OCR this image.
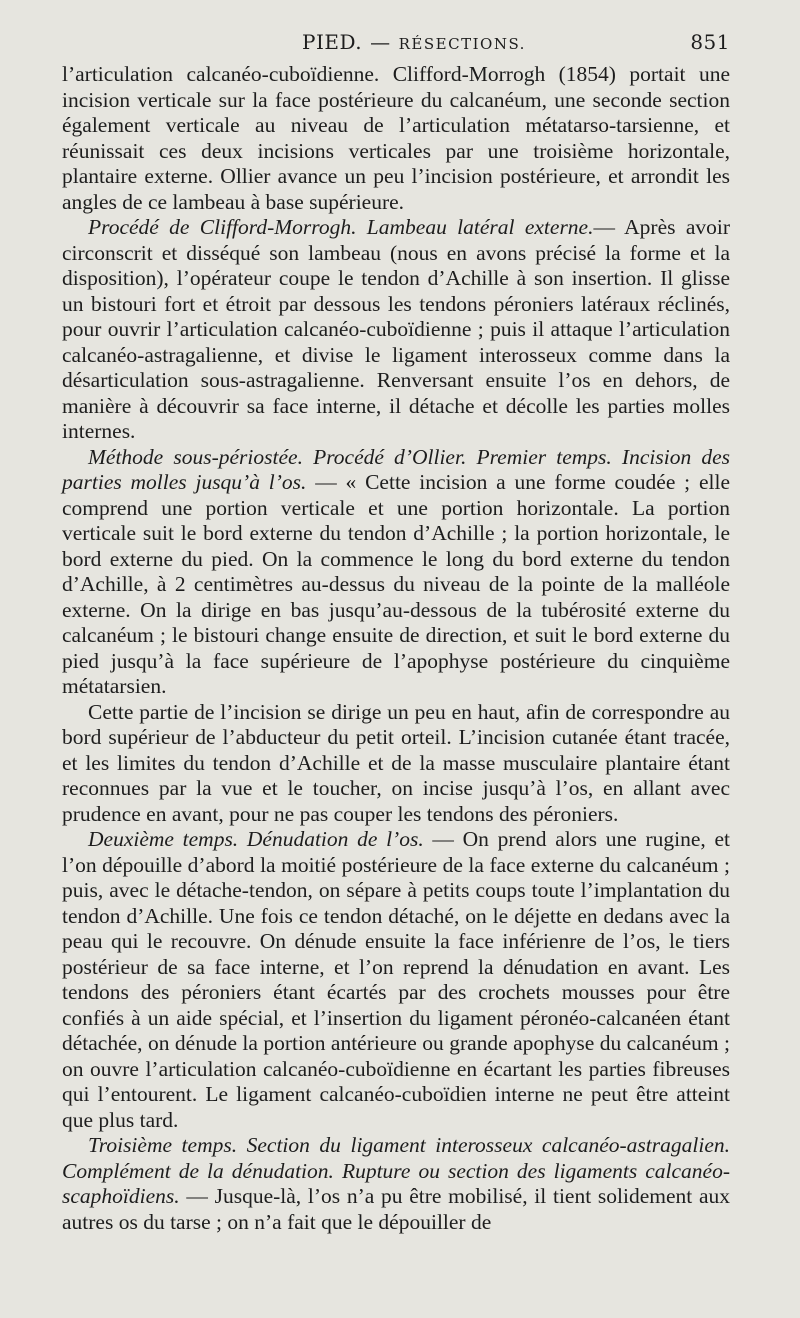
PIED. — RÉSECTIONS.	851

l’articulation calcanéo-cuboïdienne. Clifford-Morrogh (1854) portait une incision verticale sur la face postérieure du calcanéum, une seconde section également verticale au niveau de l’articulation métatarso-tarsienne, et réunissait ces deux incisions verticales par une troisième horizontale, plantaire externe. Ollier avance un peu l’incision postérieure, et arrondit les angles de ce lambeau à base supérieure.

Procédé de Clifford-Morrogh. Lambeau latéral externe.— Après avoir circonscrit et disséqué son lambeau (nous en avons précisé la forme et la disposition), l’opérateur coupe le tendon d’Achille à son insertion. Il glisse un bistouri fort et étroit par dessous les tendons péroniers latéraux réclinés, pour ouvrir l’articulation calcanéo-cuboïdienne ; puis il attaque l’articulation calcanéo-astragalienne, et divise le ligament interosseux comme dans la désarticulation sous-astragalienne. Renversant ensuite l’os en dehors, de manière à découvrir sa face interne, il détache et décolle les parties molles internes.

Méthode sous-périostée. Procédé d’Ollier. Premier temps. Incision des parties molles jusqu’à l’os. — « Cette incision a une forme coudée ; elle comprend une portion verticale et une portion horizontale. La portion verticale suit le bord externe du tendon d’Achille ; la portion horizontale, le bord externe du pied. On la commence le long du bord externe du tendon d’Achille, à 2 centimètres au-dessus du niveau de la pointe de la malléole externe. On la dirige en bas jusqu’au-dessous de la tubérosité externe du calcanéum ; le bistouri change ensuite de direction, et suit le bord externe du pied jusqu’à la face supérieure de l’apophyse postérieure du cinquième métatarsien.

Cette partie de l’incision se dirige un peu en haut, afin de correspondre au bord supérieur de l’abducteur du petit orteil. L’incision cutanée étant tracée, et les limites du tendon d’Achille et de la masse musculaire plantaire étant reconnues par la vue et le toucher, on incise jusqu’à l’os, en allant avec prudence en avant, pour ne pas couper les tendons des péroniers.

Deuxième temps. Dénudation de l’os. — On prend alors une rugine, et l’on dépouille d’abord la moitié postérieure de la face externe du calcanéum ; puis, avec le détache-tendon, on sépare à petits coups toute l’implantation du tendon d’Achille. Une fois ce tendon détaché, on le déjette en dedans avec la peau qui le recouvre. On dénude ensuite la face inférienre de l’os, le tiers postérieur de sa face interne, et l’on reprend la dénudation en avant. Les tendons des péroniers étant écartés par des crochets mousses pour être confiés à un aide spécial, et l’insertion du ligament péronéo-calcanéen étant détachée, on dénude la portion antérieure ou grande apophyse du calcanéum ; on ouvre l’articulation calcanéo-cuboïdienne en écartant les parties fibreuses qui l’entourent. Le ligament calcanéo-cuboïdien interne ne peut être atteint que plus tard.

Troisième temps. Section du ligament interosseux calcanéo-astragalien. Complément de la dénudation. Rupture ou section des ligaments calcanéo-scaphoïdiens. — Jusque-là, l’os n’a pu être mobilisé, il tient solidement aux autres os du tarse ; on n’a fait que le dépouiller de
